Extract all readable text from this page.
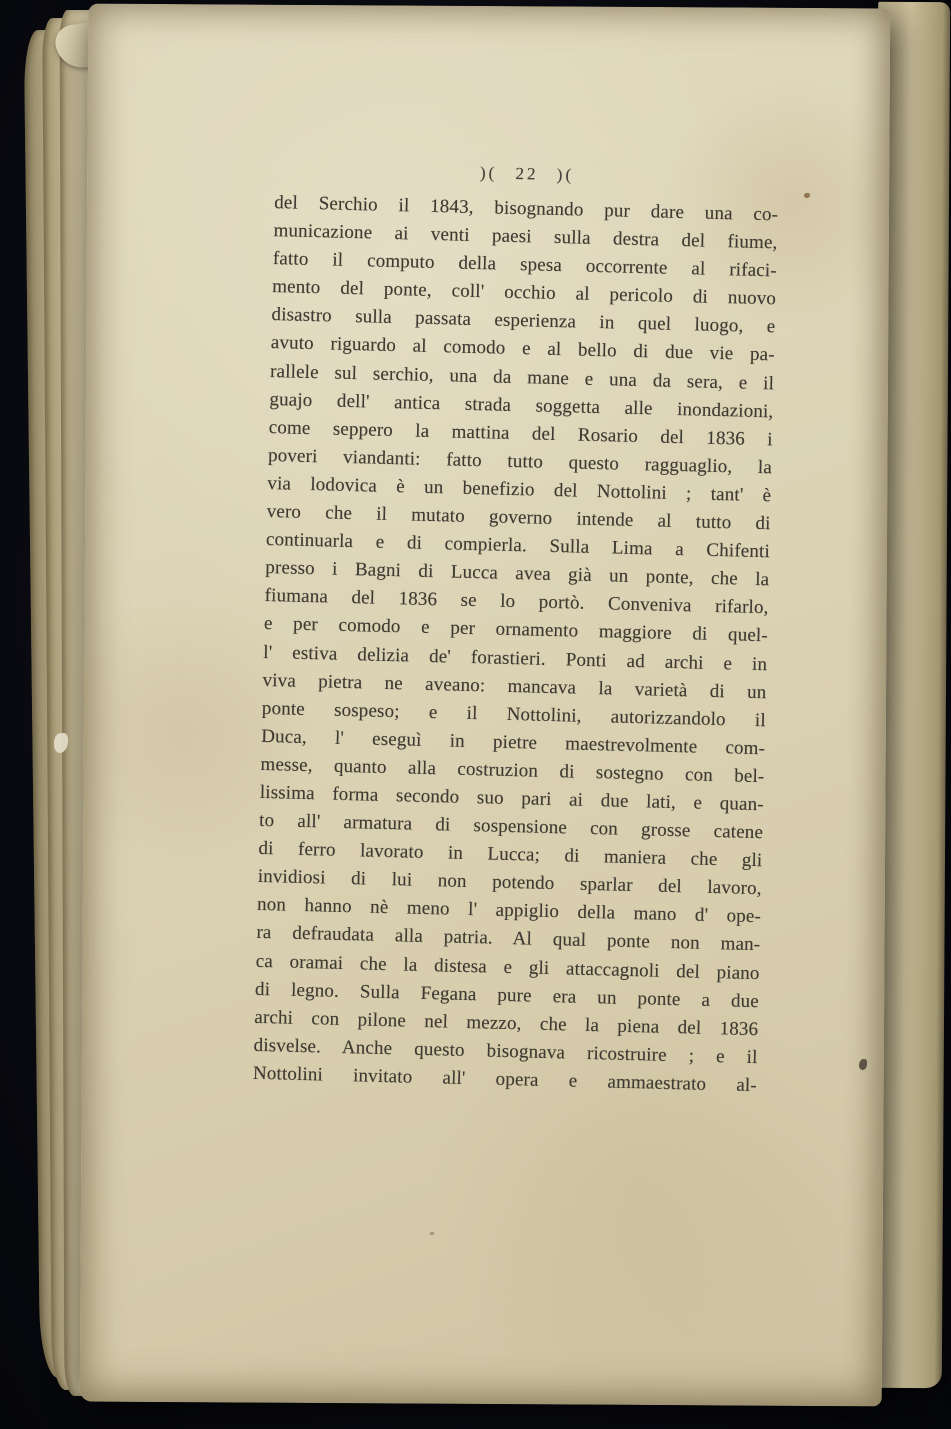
)( 22 )(
del Serchio il 1843, bisognando pur dare una co-
municazione ai venti paesi sulla destra del fiume,
fatto il computo della spesa occorrente al rifaci-
mento del ponte, coll' occhio al pericolo di nuovo
disastro sulla passata esperienza in quel luogo, e
avuto riguardo al comodo e al bello di due vie pa-
rallele sul serchio, una da mane e una da sera, e il
guajo dell' antica strada soggetta alle inondazioni,
come seppero la mattina del Rosario del 1836 i
poveri viandanti: fatto tutto questo ragguaglio, la
via lodovica è un benefizio del Nottolini ; tant' è
vero che il mutato governo intende al tutto di
continuarla e di compierla. Sulla Lima a Chifenti
presso i Bagni di Lucca avea già un ponte, che la
fiumana del 1836 se lo portò. Conveniva rifarlo,
e per comodo e per ornamento maggiore di quel-
l' estiva delizia de' forastieri. Ponti ad archi e in
viva pietra ne aveano: mancava la varietà di un
ponte sospeso; e il Nottolini, autorizzandolo il
Duca, l' eseguì in pietre maestrevolmente com-
messe, quanto alla costruzion di sostegno con bel-
lissima forma secondo suo pari ai due lati, e quan-
to all' armatura di sospensione con grosse catene
di ferro lavorato in Lucca; di maniera che gli
invidiosi di lui non potendo sparlar del lavoro,
non hanno nè meno l' appiglio della mano d' ope-
ra defraudata alla patria. Al qual ponte non man-
ca oramai che la distesa e gli attaccagnoli del piano
di legno. Sulla Fegana pure era un ponte a due
archi con pilone nel mezzo, che la piena del 1836
disvelse. Anche questo bisognava ricostruire ; e il
Nottolini invitato all' opera e ammaestrato al-
